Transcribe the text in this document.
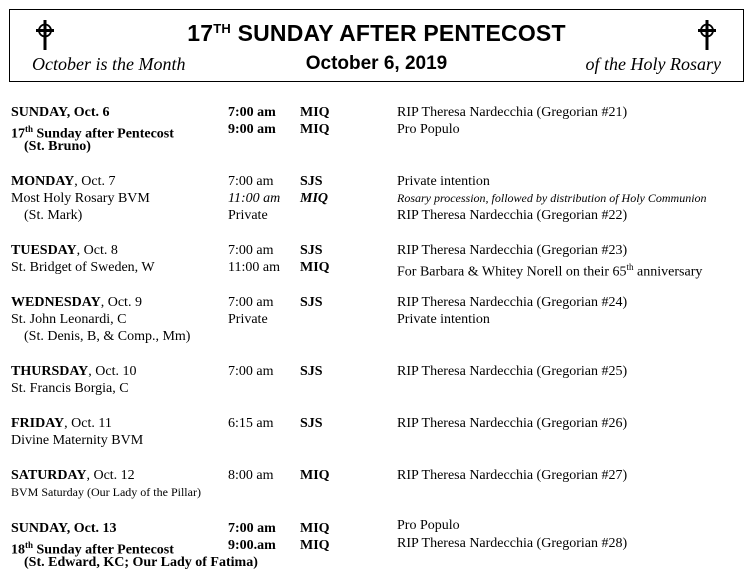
17TH SUNDAY AFTER PENTECOST
October is the Month	October 6, 2019	of the Holy Rosary
SUNDAY, Oct. 6
17th Sunday after Pentecost
(St. Bruno)
7:00 am MIQ	RIP Theresa Nardecchia (Gregorian #21)
9:00 am MIQ	Pro Populo
MONDAY, Oct. 7
Most Holy Rosary BVM
(St. Mark)
7:00 am SJS	Private intention
11:00 am MIQ	Rosary procession, followed by distribution of Holy Communion
Private	RIP Theresa Nardecchia (Gregorian #22)
TUESDAY, Oct. 8
St. Bridget of Sweden, W
7:00 am SJS	RIP Theresa Nardecchia (Gregorian #23)
11:00 am MIQ	For Barbara & Whitey Norell on their 65th anniversary
WEDNESDAY, Oct. 9
St. John Leonardi, C
(St. Denis, B, & Comp., Mm)
7:00 am SJS	RIP Theresa Nardecchia (Gregorian #24)
Private	Private intention
THURSDAY, Oct. 10
St. Francis Borgia, C
7:00 am SJS	RIP Theresa Nardecchia (Gregorian #25)
FRIDAY, Oct. 11
Divine Maternity BVM
6:15 am SJS	RIP Theresa Nardecchia (Gregorian #26)
SATURDAY, Oct. 12
BVM Saturday (Our Lady of the Pillar)
8:00 am MIQ	RIP Theresa Nardecchia (Gregorian #27)
SUNDAY, Oct. 13
18th Sunday after Pentecost
(St. Edward, KC; Our Lady of Fatima)
7:00 am MIQ	Pro Populo
9:00.am MIQ	RIP Theresa Nardecchia (Gregorian #28)
